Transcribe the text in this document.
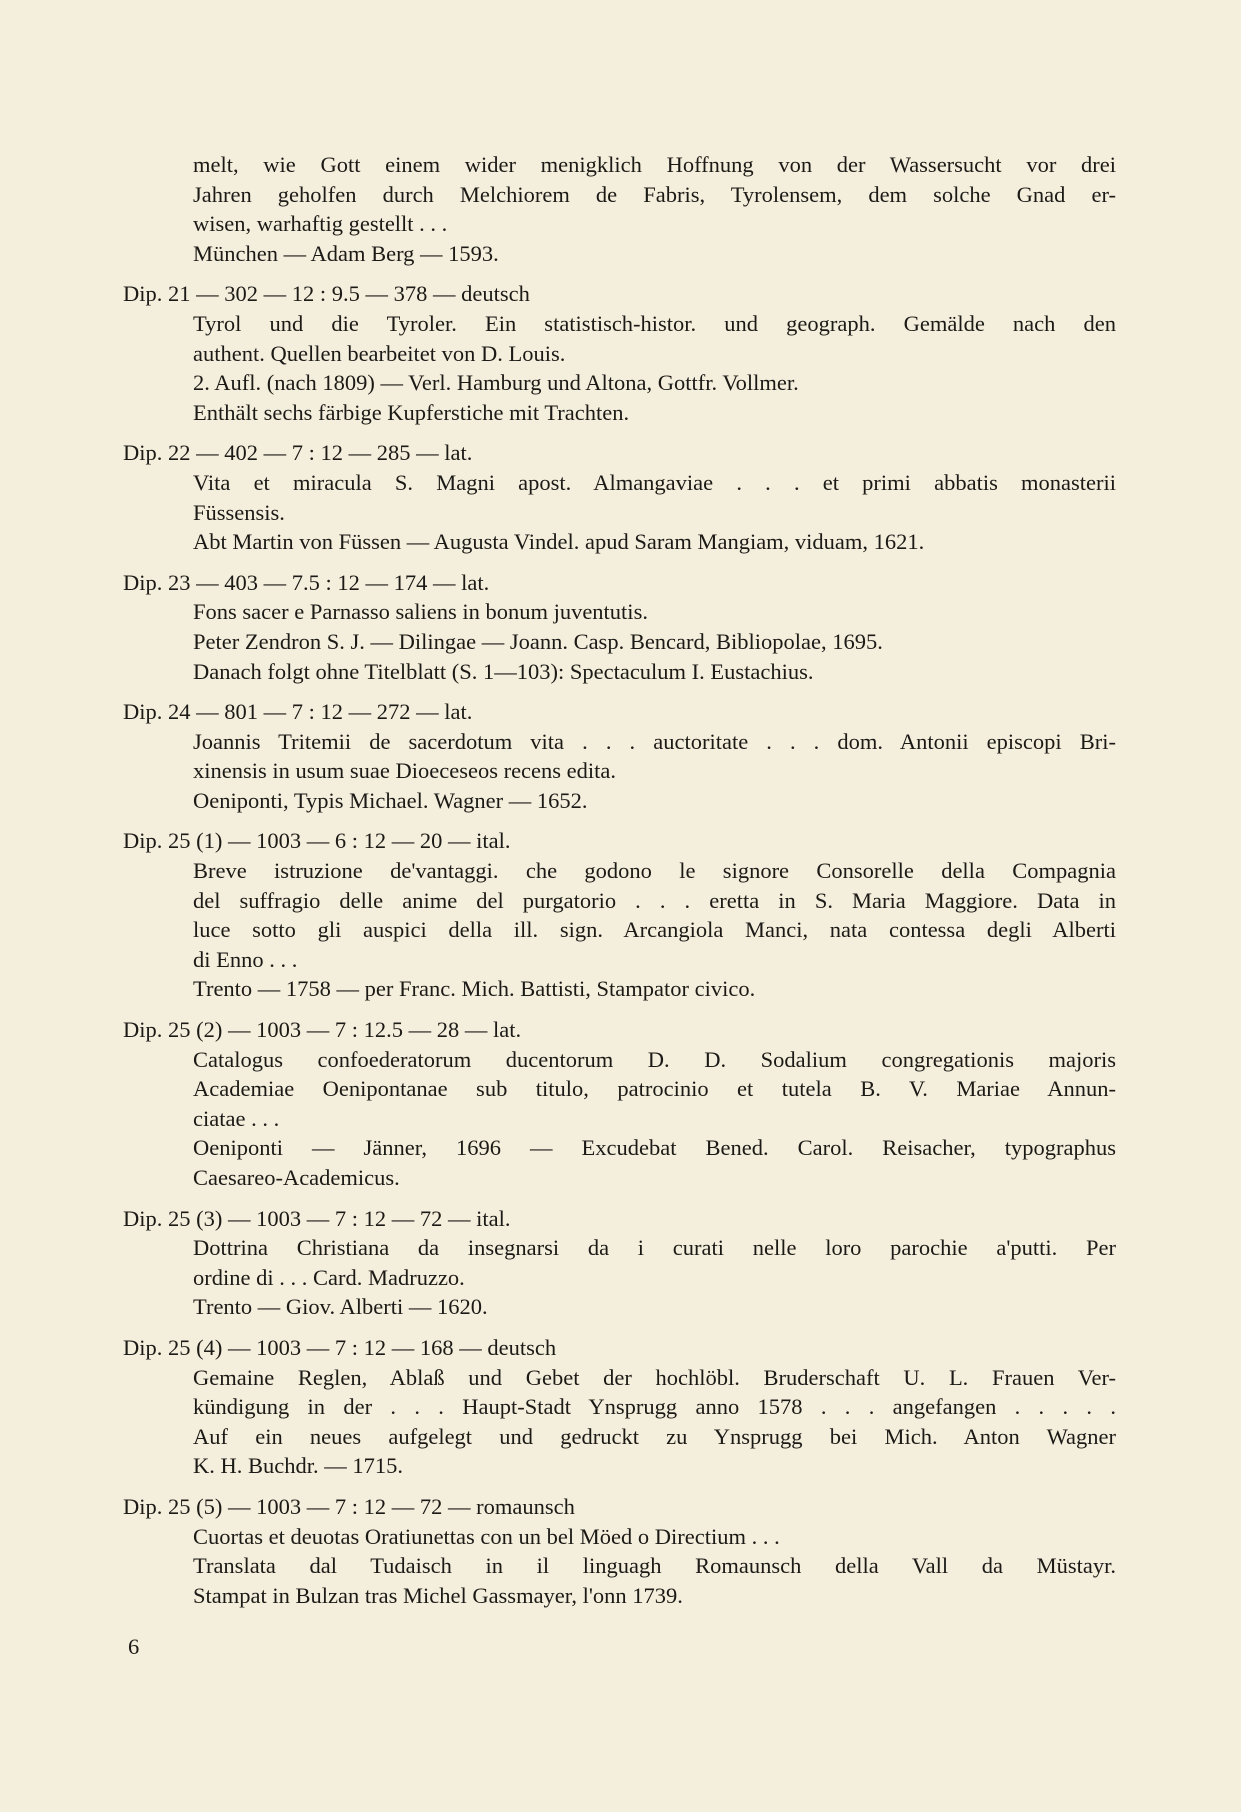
melt, wie Gott einem wider menigklich Hoffnung von der Wassersucht vor drei
Jahren geholfen durch Melchiorem de Fabris, Tyrolensem, dem solche Gnad er-
wisen, warhaftig gestellt . . .
München — Adam Berg — 1593.
Dip. 21 — 302 — 12 : 9.5 — 378 — deutsch
Tyrol und die Tyroler. Ein statistisch-histor. und geograph. Gemälde nach den
authent. Quellen bearbeitet von D. Louis.
2. Aufl. (nach 1809) — Verl. Hamburg und Altona, Gottfr. Vollmer.
Enthält sechs färbige Kupferstiche mit Trachten.
Dip. 22 — 402 — 7 : 12 — 285 — lat.
Vita et miracula S. Magni apost. Almangaviae . . . et primi abbatis monasterii
Füssensis.
Abt Martin von Füssen — Augusta Vindel. apud Saram Mangiam, viduam, 1621.
Dip. 23 — 403 — 7.5 : 12 — 174 — lat.
Fons sacer e Parnasso saliens in bonum juventutis.
Peter Zendron S. J. — Dilingae — Joann. Casp. Bencard, Bibliopolae, 1695.
Danach folgt ohne Titelblatt (S. 1—103): Spectaculum I. Eustachius.
Dip. 24 — 801 — 7 : 12 — 272 — lat.
Joannis Tritemii de sacerdotum vita . . . auctoritate . . . dom. Antonii episcopi Bri-
xinensis in usum suae Dioeceseos recens edita.
Oeniponti, Typis Michael. Wagner — 1652.
Dip. 25 (1) — 1003 — 6 : 12 — 20 — ital.
Breve istruzione de'vantaggi. che godono le signore Consorelle della Compagnia
del suffragio delle anime del purgatorio . . . eretta in S. Maria Maggiore. Data in
luce sotto gli auspici della ill. sign. Arcangiola Manci, nata contessa degli Alberti
di Enno . . .
Trento — 1758 — per Franc. Mich. Battisti, Stampator civico.
Dip. 25 (2) — 1003 — 7 : 12.5 — 28 — lat.
Catalogus confoederatorum ducentorum D. D. Sodalium congregationis majoris
Academiae Oenipontanae sub titulo, patrocinio et tutela B. V. Mariae Annun-
ciatae . . .
Oeniponti — Jänner, 1696 — Excudebat Bened. Carol. Reisacher, typographus
Caesareo-Academicus.
Dip. 25 (3) — 1003 — 7 : 12 — 72 — ital.
Dottrina Christiana da insegnarsi da i curati nelle loro parochie a'putti. Per
ordine di . . . Card. Madruzzo.
Trento — Giov. Alberti — 1620.
Dip. 25 (4) — 1003 — 7 : 12 — 168 — deutsch
Gemaine Reglen, Ablaß und Gebet der hochlöbl. Bruderschaft U. L. Frauen Ver-
kündigung in der . . . Haupt-Stadt Ynsprugg anno 1578 . . . angefangen . . . . .
Auf ein neues aufgelegt und gedruckt zu Ynsprugg bei Mich. Anton Wagner
K. H. Buchdr. — 1715.
Dip. 25 (5) — 1003 — 7 : 12 — 72 — romaunsch
Cuortas et deuotas Oratiunettas con un bel Möed o Directium . . .
Translata dal Tudaisch in il linguagh Romaunsch della Vall da Müstayr.
Stampat in Bulzan tras Michel Gassmayer, l'onn 1739.
6
